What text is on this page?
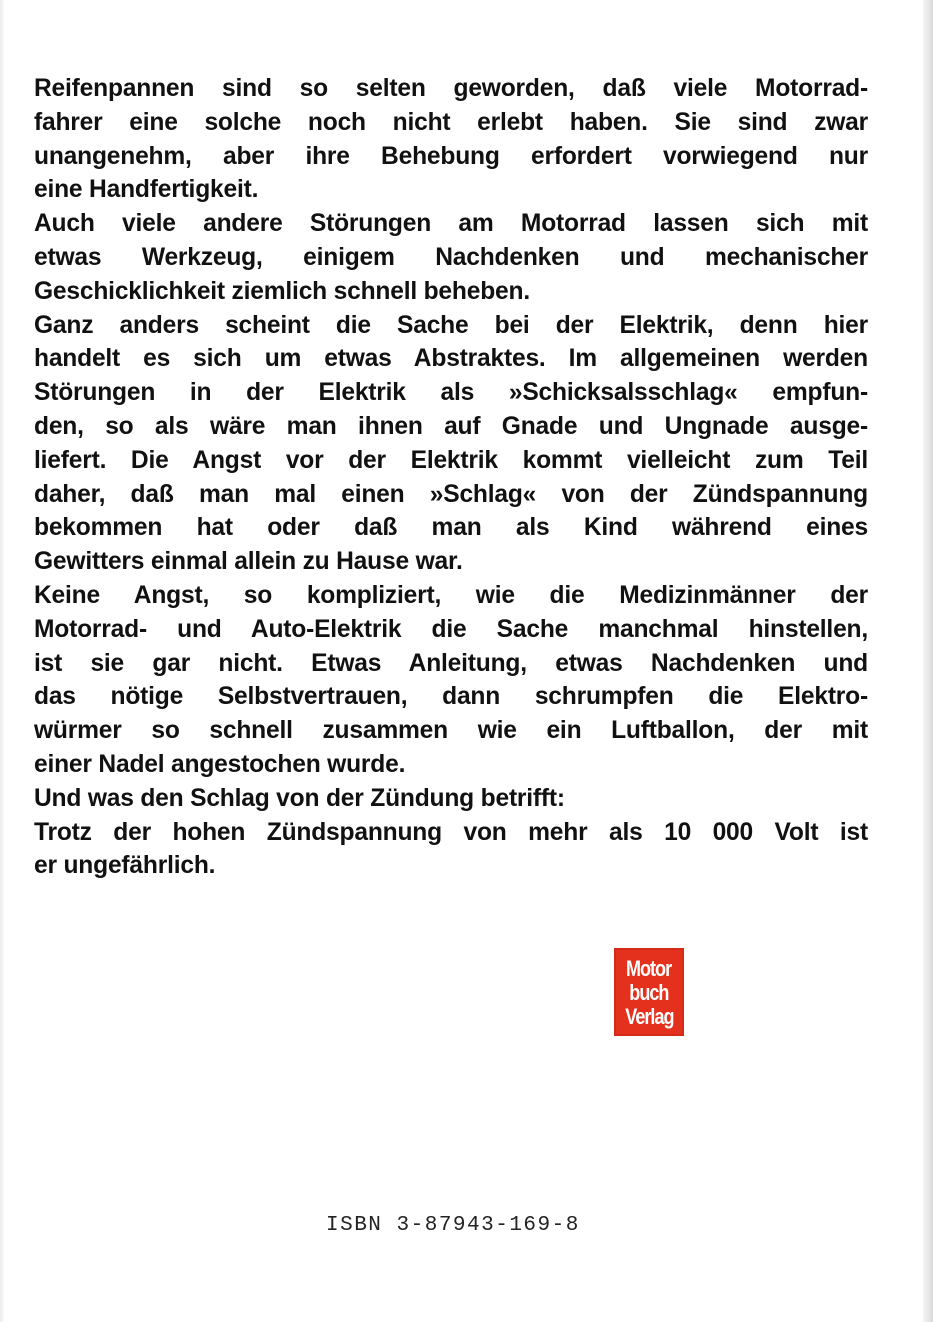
Reifenpannen sind so selten geworden, daß viele Motorrad-
fahrer eine solche noch nicht erlebt haben. Sie sind zwar
unangenehm, aber ihre Behebung erfordert vorwiegend nur
eine Handfertigkeit.

Auch viele andere Störungen am Motorrad lassen sich mit
etwas Werkzeug, einigem Nachdenken und mechanischer
Geschicklichkeit ziemlich schnell beheben.

Ganz anders scheint die Sache bei der Elektrik, denn hier
handelt es sich um etwas Abstraktes. Im allgemeinen werden
Störungen in der Elektrik als »Schicksalsschlag« empfun-
den, so als wäre man ihnen auf Gnade und Ungnade ausge-
liefert. Die Angst vor der Elektrik kommt vielleicht zum Teil
daher, daß man mal einen »Schlag« von der Zündspannung
bekommen hat oder daß man als Kind während eines
Gewitters einmal allein zu Hause war.

Keine Angst, so kompliziert, wie die Medizinmänner der
Motorrad- und Auto-Elektrik die Sache manchmal hinstellen,
ist sie gar nicht. Etwas Anleitung, etwas Nachdenken und
das nötige Selbstvertrauen, dann schrumpfen die Elektro-
würmer so schnell zusammen wie ein Luftballon, der mit
einer Nadel angestochen wurde.

Und was den Schlag von der Zündung betrifft:

Trotz der hohen Zündspannung von mehr als 10 000 Volt ist
er ungefährlich.

Motor
buch
Verlag
ISBN 3-87943-169-8
